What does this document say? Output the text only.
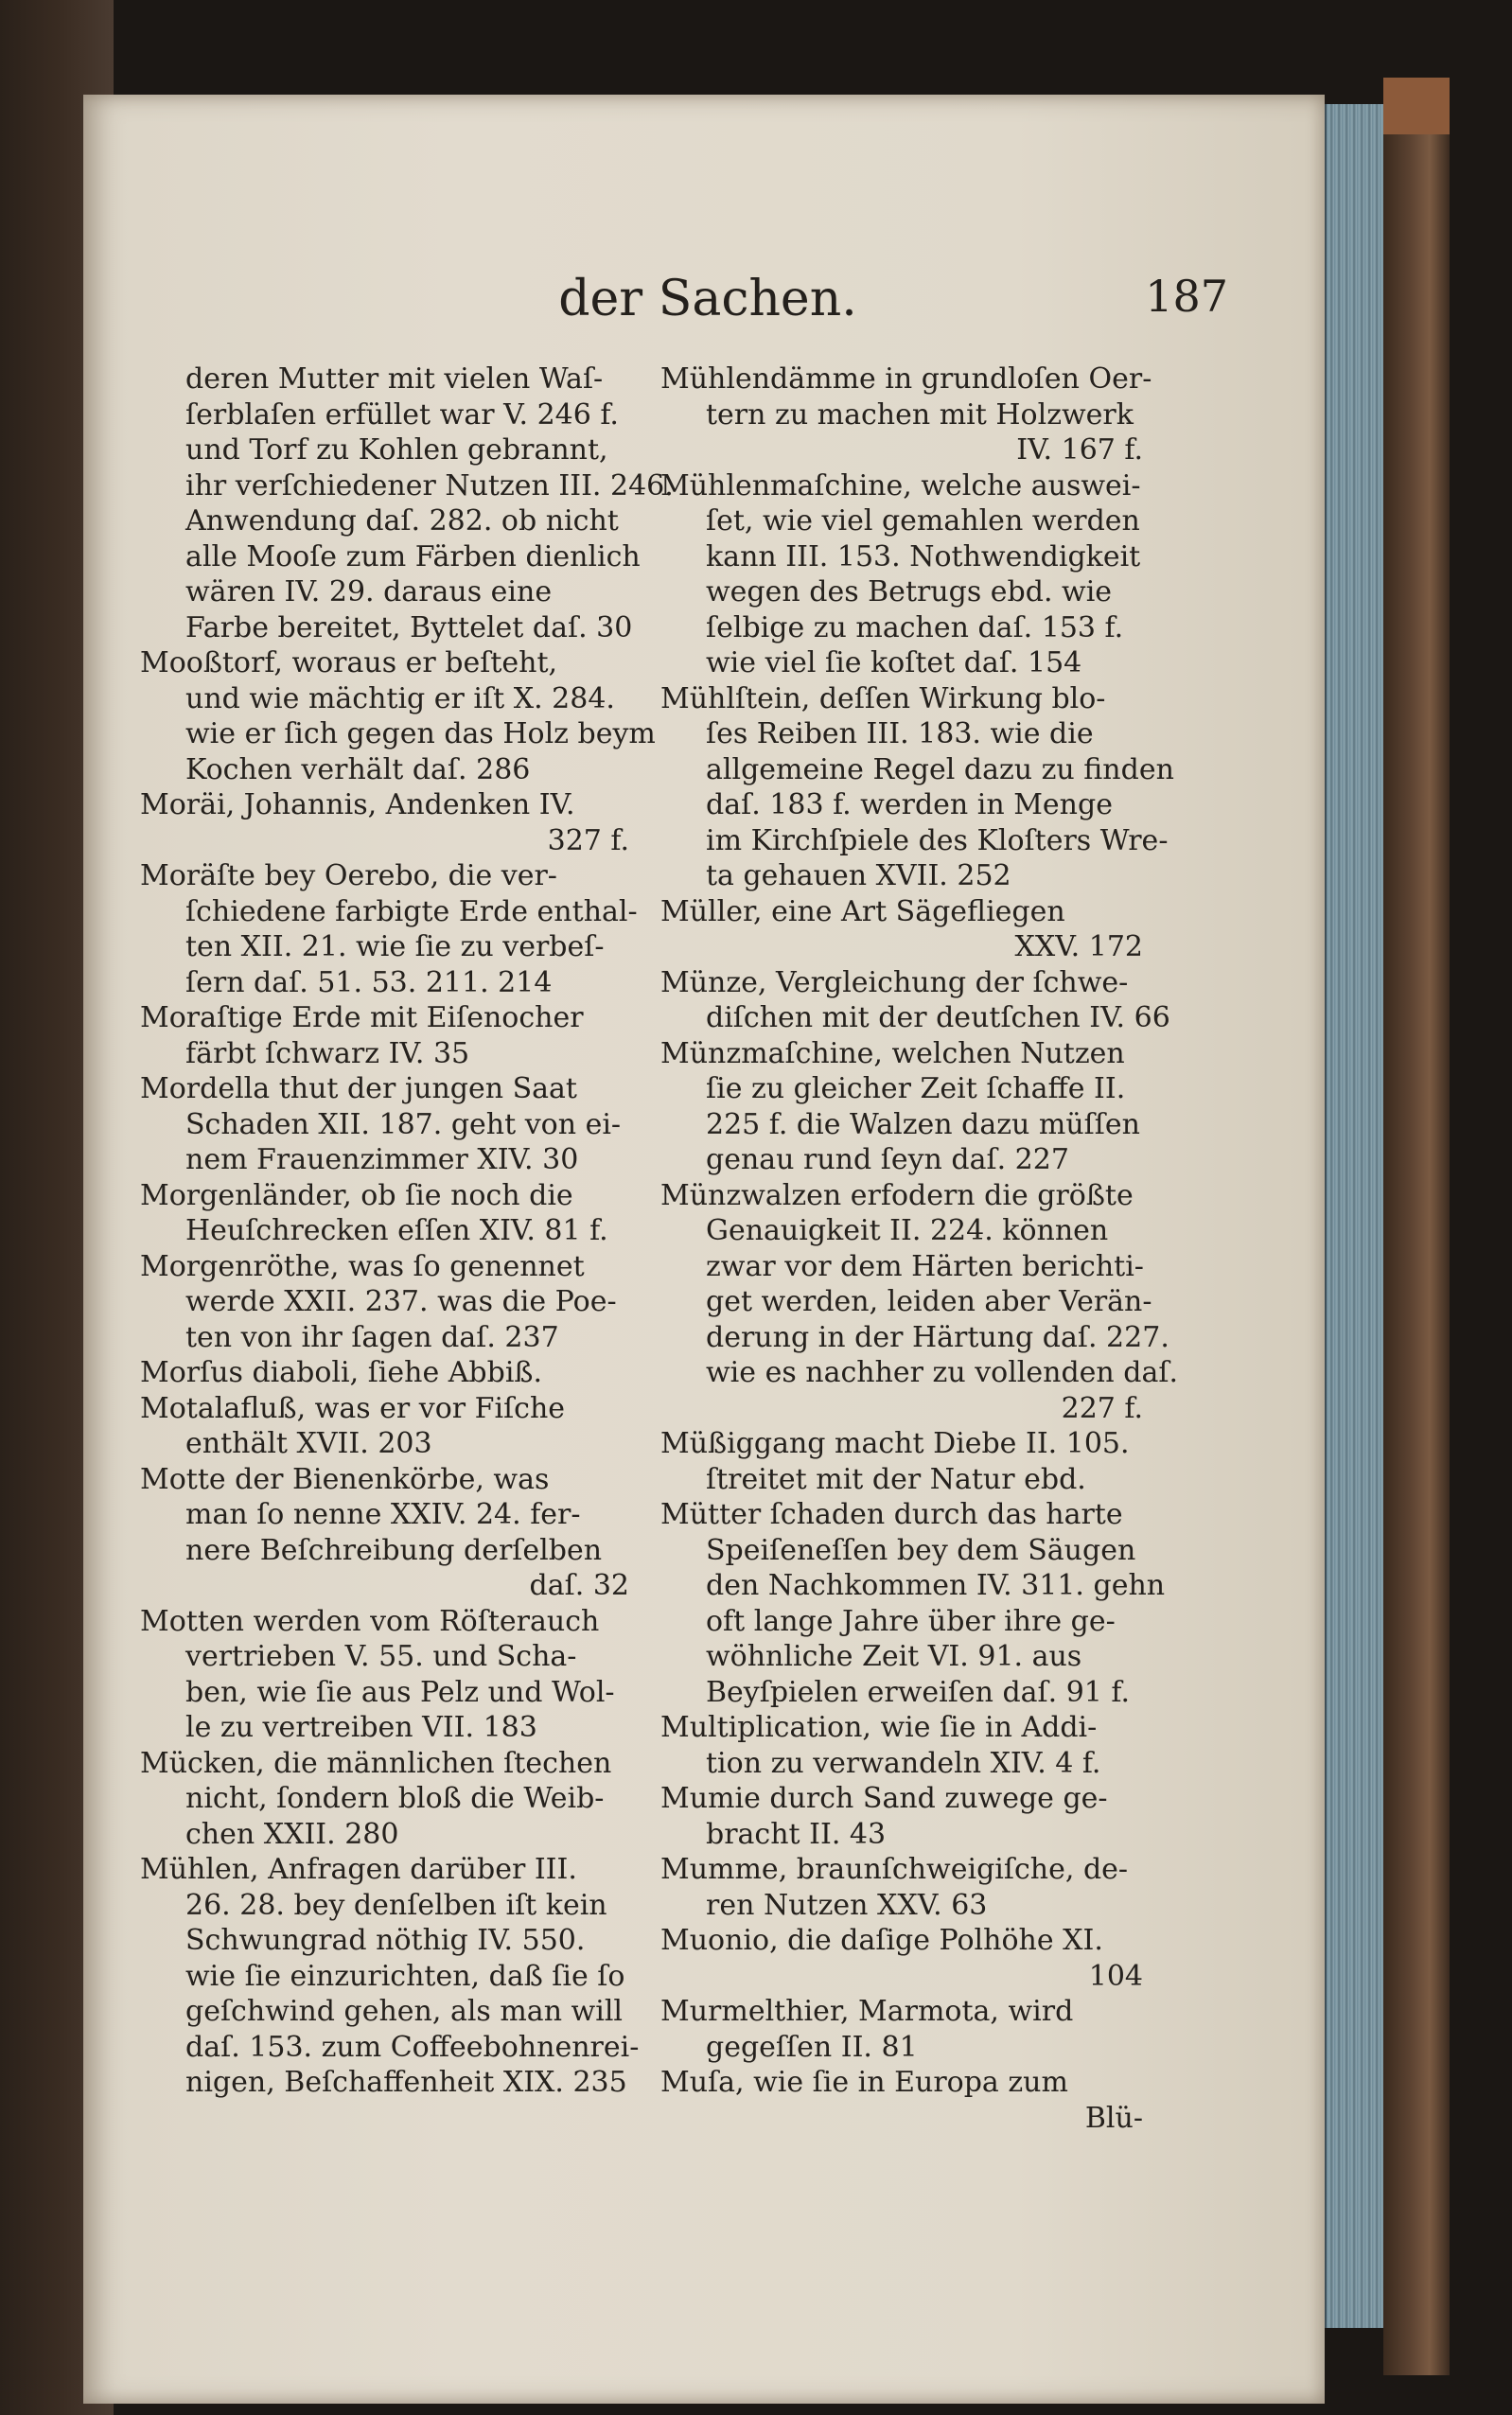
der Sachen.	187
deren Mutter mit vielen Waſ-
ſerblaſen erfüllet war V. 246 f.
und Torf zu Kohlen gebrannt,
ihr verſchiedener Nutzen III. 246.
Anwendung daſ. 282. ob nicht
alle Mooſe zum Färben dienlich
wären IV. 29. daraus eine
Farbe bereitet, Byttelet daſ. 30
Mooßtorf, woraus er beſteht,
und wie mächtig er iſt X. 284.
wie er ſich gegen das Holz beym
Kochen verhält daſ. 286
Moräi, Johannis, Andenken IV.
327 f.
Moräſte bey Oerebo, die ver-
ſchiedene farbigte Erde enthal-
ten XII. 21. wie ſie zu verbeſ-
ſern daſ. 51. 53. 211. 214
Moraſtige Erde mit Eiſenocher
färbt ſchwarz IV. 35
Mordella thut der jungen Saat
Schaden XII. 187. geht von ei-
nem Frauenzimmer XIV. 30
Morgenländer, ob ſie noch die
Heuſchrecken eſſen XIV. 81 f.
Morgenröthe, was ſo genennet
werde XXII. 237. was die Poe-
ten von ihr ſagen daſ. 237
Morſus diaboli, ſiehe Abbiß.
Motalafluß, was er vor Fiſche
enthält XVII. 203
Motte der Bienenkörbe, was
man ſo nenne XXIV. 24. fer-
nere Beſchreibung derſelben
daſ. 32
Motten werden vom Röſterauch
vertrieben V. 55. und Scha-
ben, wie ſie aus Pelz und Wol-
le zu vertreiben VII. 183
Mücken, die männlichen ſtechen
nicht, ſondern bloß die Weib-
chen XXII. 280
Mühlen, Anfragen darüber III.
26. 28. bey denſelben iſt kein
Schwungrad nöthig IV. 550.
wie ſie einzurichten, daß ſie ſo
geſchwind gehen, als man will
daſ. 153. zum Coffeebohnenrei-
nigen, Beſchaffenheit XIX. 235
Mühlendämme in grundloſen Oer-
tern zu machen mit Holzwerk
IV. 167 f.
Mühlenmaſchine, welche auswei-
ſet, wie viel gemahlen werden
kann III. 153. Nothwendigkeit
wegen des Betrugs ebd. wie
ſelbige zu machen daſ. 153 f.
wie viel ſie koſtet daſ. 154
Mühlſtein, deſſen Wirkung blo-
ſes Reiben III. 183. wie die
allgemeine Regel dazu zu finden
daſ. 183 f. werden in Menge
im Kirchſpiele des Kloſters Wre-
ta gehauen XVII. 252
Müller, eine Art Sägefliegen
XXV. 172
Münze, Vergleichung der ſchwe-
diſchen mit der deutſchen IV. 66
Münzmaſchine, welchen Nutzen
ſie zu gleicher Zeit ſchaffe II.
225 f. die Walzen dazu müſſen
genau rund ſeyn daſ. 227
Münzwalzen erfodern die größte
Genauigkeit II. 224. können
zwar vor dem Härten berichti-
get werden, leiden aber Verän-
derung in der Härtung daſ. 227.
wie es nachher zu vollenden daſ.
227 f.
Müßiggang macht Diebe II. 105.
ſtreitet mit der Natur ebd.
Mütter ſchaden durch das harte
Speiſeneſſen bey dem Säugen
den Nachkommen IV. 311. gehn
oft lange Jahre über ihre ge-
wöhnliche Zeit VI. 91. aus
Beyſpielen erweiſen daſ. 91 f.
Multiplication, wie ſie in Addi-
tion zu verwandeln XIV. 4 f.
Mumie durch Sand zuwege ge-
bracht II. 43
Mumme, braunſchweigiſche, de-
ren Nutzen XXV. 63
Muonio, die daſige Polhöhe XI.
104
Murmelthier, Marmota, wird
gegeſſen II. 81
Muſa, wie ſie in Europa zum
Blü-
